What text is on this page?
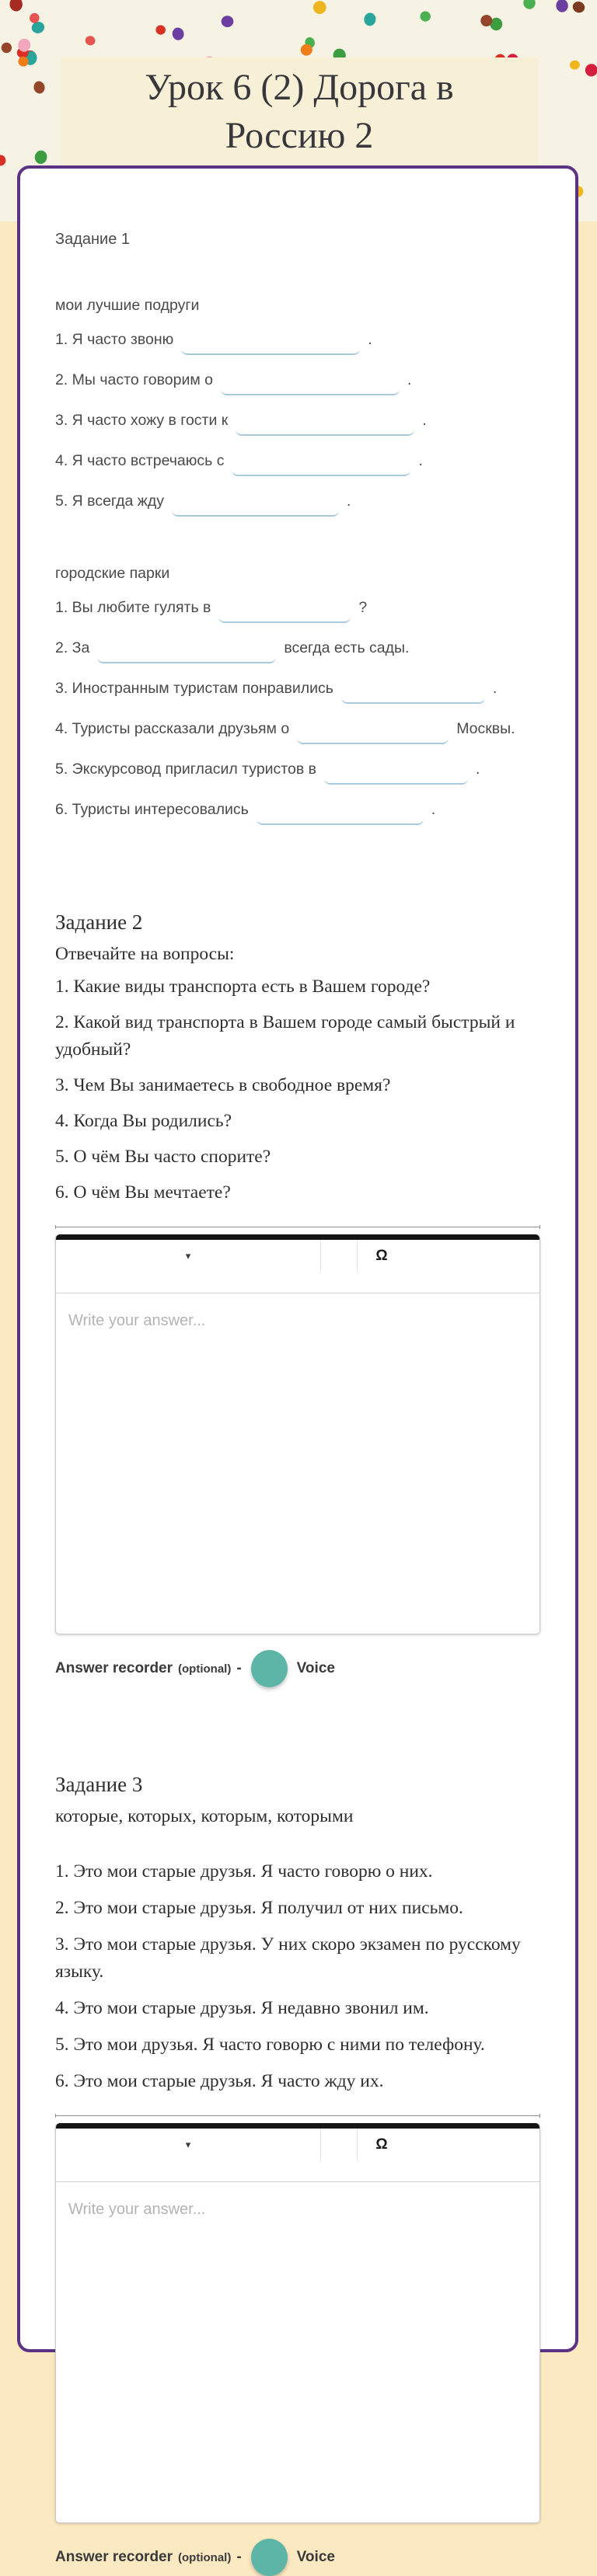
Урок 6 (2) Дорога в Россию 2
Задание 1
мои лучшие подруги
1. Я часто звоню	.
2. Мы часто говорим о	.
3. Я часто хожу в гости к	.
4. Я часто встречаюсь с	.
5. Я всегда жду	.
городские парки
1. Вы любите гулять в	?
2. За	всегда есть сады.
3. Иностранным туристам понравились	.
4. Туристы рассказали друзьям о	Москвы.
5. Экскурсовод пригласил туристов в	.
6. Туристы интересовались	.
Задание 2
Отвечайте на вопросы:
1. Какие виды транспорта есть в Вашем городе?
2. Какой вид транспорта в Вашем городе самый быстрый и удобный?
3. Чем Вы занимаетесь в свободное время?
4. Когда Вы родились?
5. О чём Вы часто спорите?
6. О чём Вы мечтаете?
▾	Ω
Write your answer...
Answer recorder (optional) -	Voice
Задание 3
которые, которых, которым, которыми
1. Это мои старые друзья. Я часто говорю о них.
2. Это мои старые друзья. Я получил от них письмо.
3. Это мои старые друзья. У них скоро экзамен по русскому языку.
4. Это мои старые друзья. Я недавно звонил им.
5. Это мои друзья. Я часто говорю с ними по телефону.
6. Это мои старые друзья. Я часто жду их.
▾	Ω
Write your answer...
Answer recorder (optional) -	Voice
